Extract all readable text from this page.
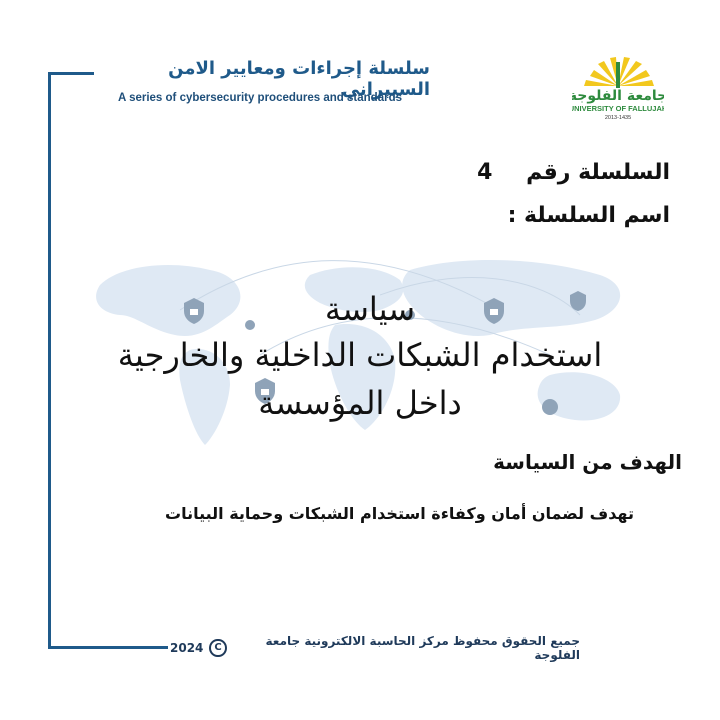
سلسلة إجراءات ومعايير الامن السيبراني
A series of cybersecurity procedures and standards	جامعة الفلوجة
UNIVERSITY OF FALLUJAH
2013-1435
السلسلة رقم 4
اسم السلسلة :
سياسة
استخدام الشبكات الداخلية والخارجية
داخل المؤسسة
الهدف من السياسة
تهدف لضمان أمان وكفاءة استخدام الشبكات وحماية البيانات
جميع الحقوق محفوظ مركز الحاسبة الالكترونية جامعة الفلوجة
C
2024
